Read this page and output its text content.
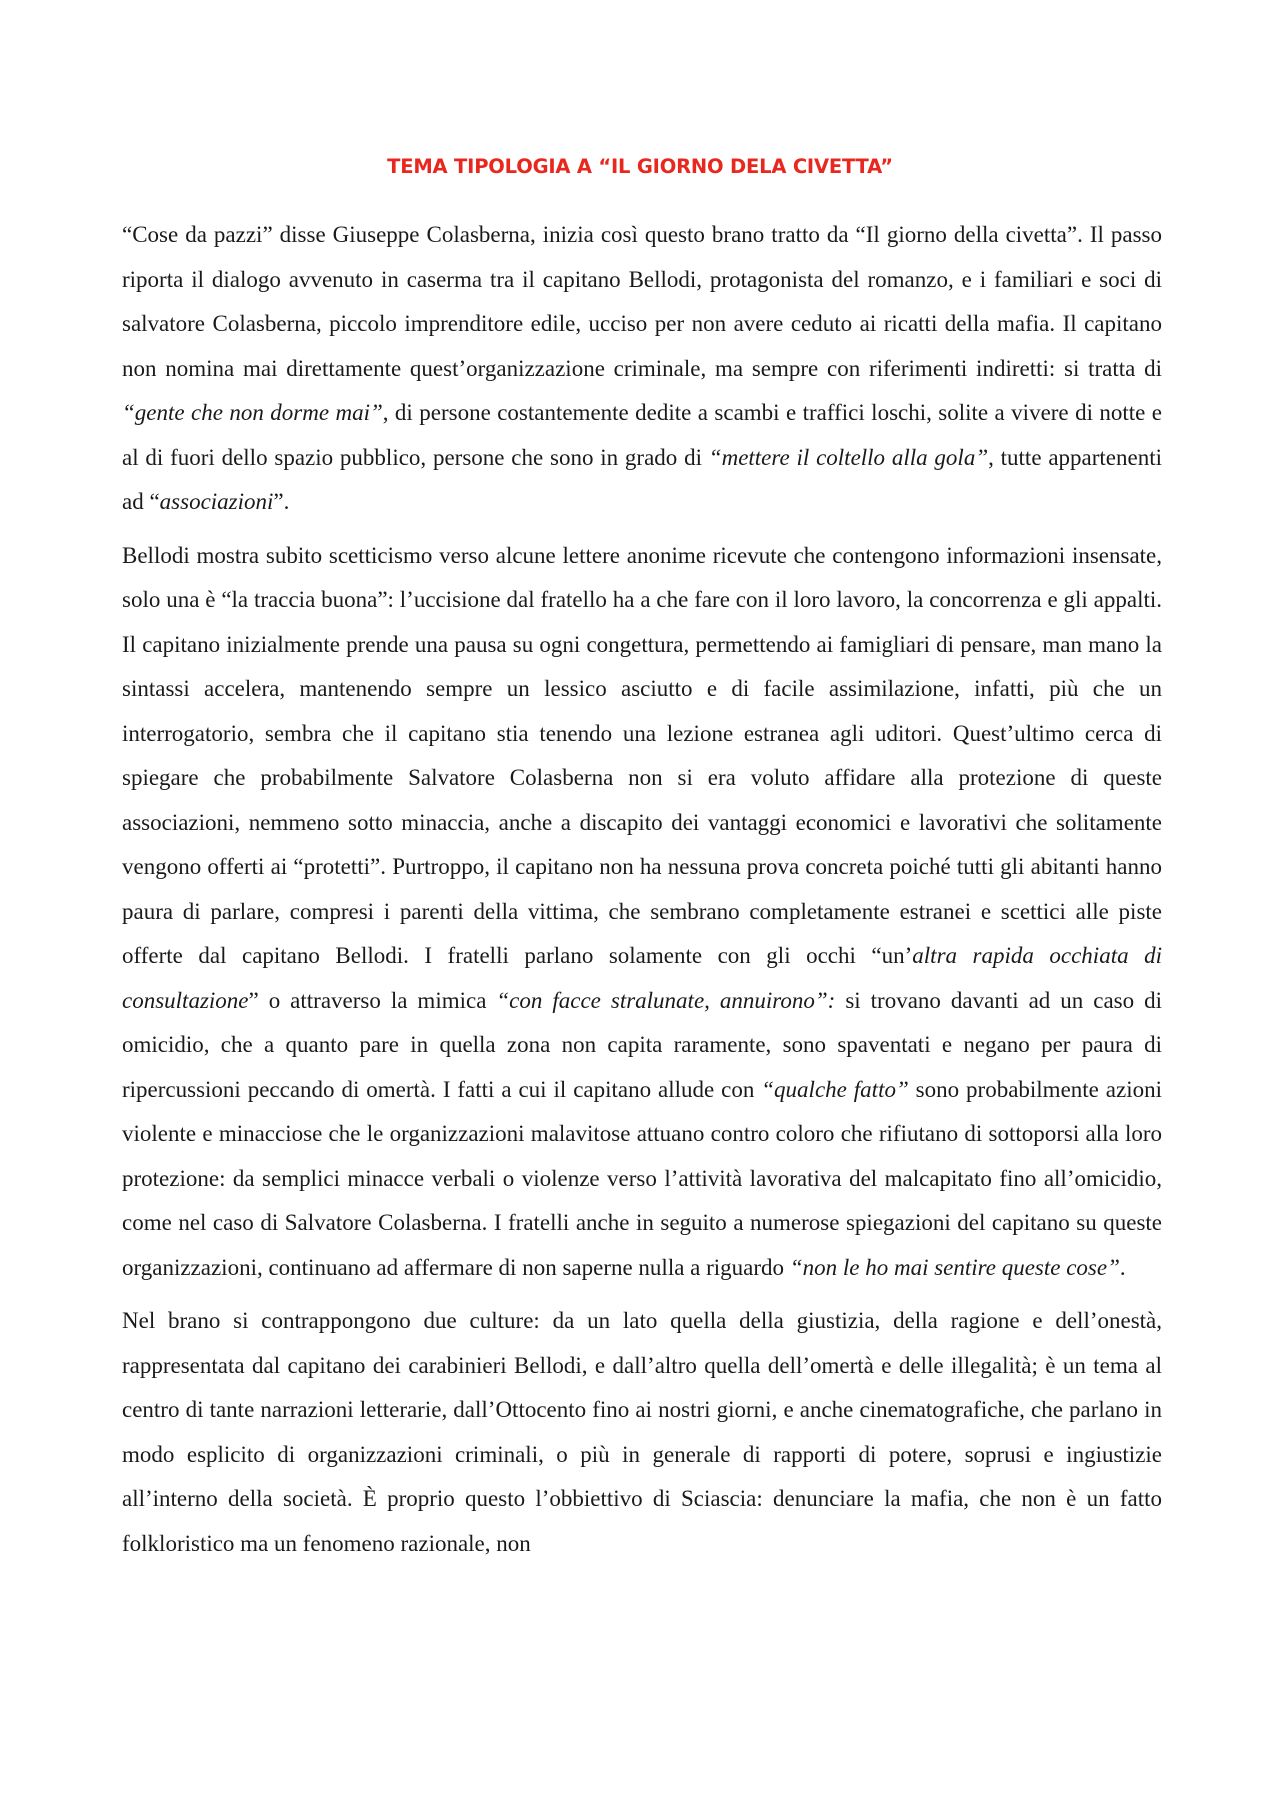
TEMA TIPOLOGIA A “IL GIORNO DELA CIVETTA”

“Cose da pazzi” disse Giuseppe Colasberna, inizia così questo brano tratto da “Il giorno della civetta”. Il passo riporta il dialogo avvenuto in caserma tra il capitano Bellodi, protagonista del romanzo, e i familiari e soci di salvatore Colasberna, piccolo imprenditore edile, ucciso per non avere ceduto ai ricatti della mafia. Il capitano non nomina mai direttamente quest’organizzazione criminale, ma sempre con riferimenti indiretti: si tratta di “gente che non dorme mai”, di persone costantemente dedite a scambi e traffici loschi, solite a vivere di notte e al di fuori dello spazio pubblico, persone che sono in grado di “mettere il coltello alla gola”, tutte appartenenti ad “associazioni”.

Bellodi mostra subito scetticismo verso alcune lettere anonime ricevute che contengono informazioni insensate, solo una è “la traccia buona”: l’uccisione dal fratello ha a che fare con il loro lavoro, la concorrenza e gli appalti. Il capitano inizialmente prende una pausa su ogni congettura, permettendo ai famigliari di pensare, man mano la sintassi accelera, mantenendo sempre un lessico asciutto e di facile assimilazione, infatti, più che un interrogatorio, sembra che il capitano stia tenendo una lezione estranea agli uditori. Quest’ultimo cerca di spiegare che probabilmente Salvatore Colasberna non si era voluto affidare alla protezione di queste associazioni, nemmeno sotto minaccia, anche a discapito dei vantaggi economici e lavorativi che solitamente vengono offerti ai “protetti”. Purtroppo, il capitano non ha nessuna prova concreta poiché tutti gli abitanti hanno paura di parlare, compresi i parenti della vittima, che sembrano completamente estranei e scettici alle piste offerte dal capitano Bellodi. I fratelli parlano solamente con gli occhi “un’altra rapida occhiata di consultazione” o attraverso la mimica “con facce stralunate, annuirono”: si trovano davanti ad un caso di omicidio, che a quanto pare in quella zona non capita raramente, sono spaventati e negano per paura di ripercussioni peccando di omertà. I fatti a cui il capitano allude con “qualche fatto” sono probabilmente azioni violente e minacciose che le organizzazioni malavitose attuano contro coloro che rifiutano di sottoporsi alla loro protezione: da semplici minacce verbali o violenze verso l’attività lavorativa del malcapitato fino all’omicidio, come nel caso di Salvatore Colasberna. I fratelli anche in seguito a numerose spiegazioni del capitano su queste organizzazioni, continuano ad affermare di non saperne nulla a riguardo “non le ho mai sentire queste cose”.

Nel brano si contrappongono due culture: da un lato quella della giustizia, della ragione e dell’onestà, rappresentata dal capitano dei carabinieri Bellodi, e dall’altro quella dell’omertà e delle illegalità; è un tema al centro di tante narrazioni letterarie, dall’Ottocento fino ai nostri giorni, e anche cinematografiche, che parlano in modo esplicito di organizzazioni criminali, o più in generale di rapporti di potere, soprusi e ingiustizie all’interno della società. È proprio questo l’obbiettivo di Sciascia: denunciare la mafia, che non è un fatto folkloristico ma un fenomeno razionale, non
